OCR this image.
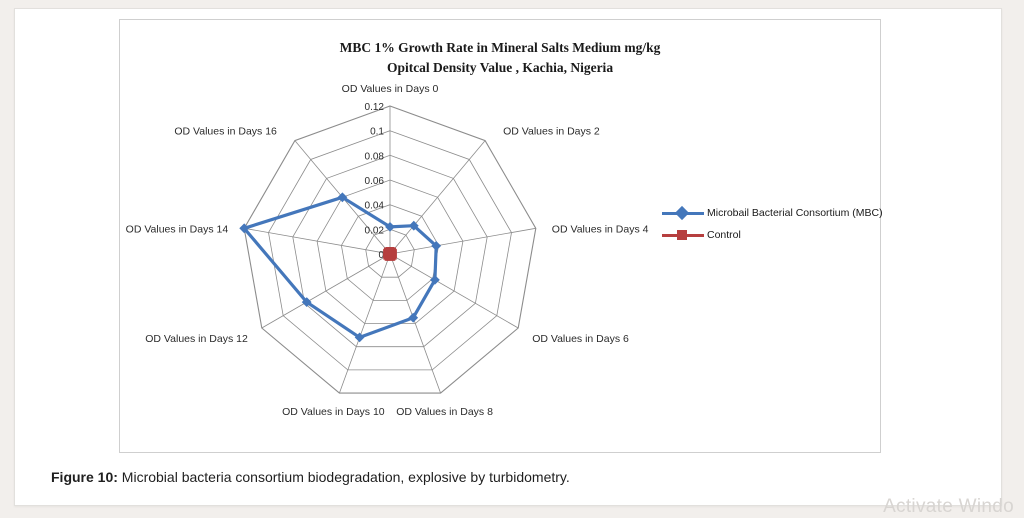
MBC 1% Growth Rate in Mineral Salts Medium mg/kg
Opitcal Density Value , Kachia, Nigeria
0
0.02
0.04
0.06
0.08
0.1
0.12
OD Values in Days 0
OD Values in Days 2
OD Values in Days 4
OD Values in Days 6
OD Values in Days 8
OD Values in Days 10
OD Values in Days 12
OD Values in Days 14
OD Values in Days 16
Microbail Bacterial Consortium (MBC)
Control
Figure 10: Microbial bacteria consortium biodegradation, explosive by turbidometry.
Activate Windo
